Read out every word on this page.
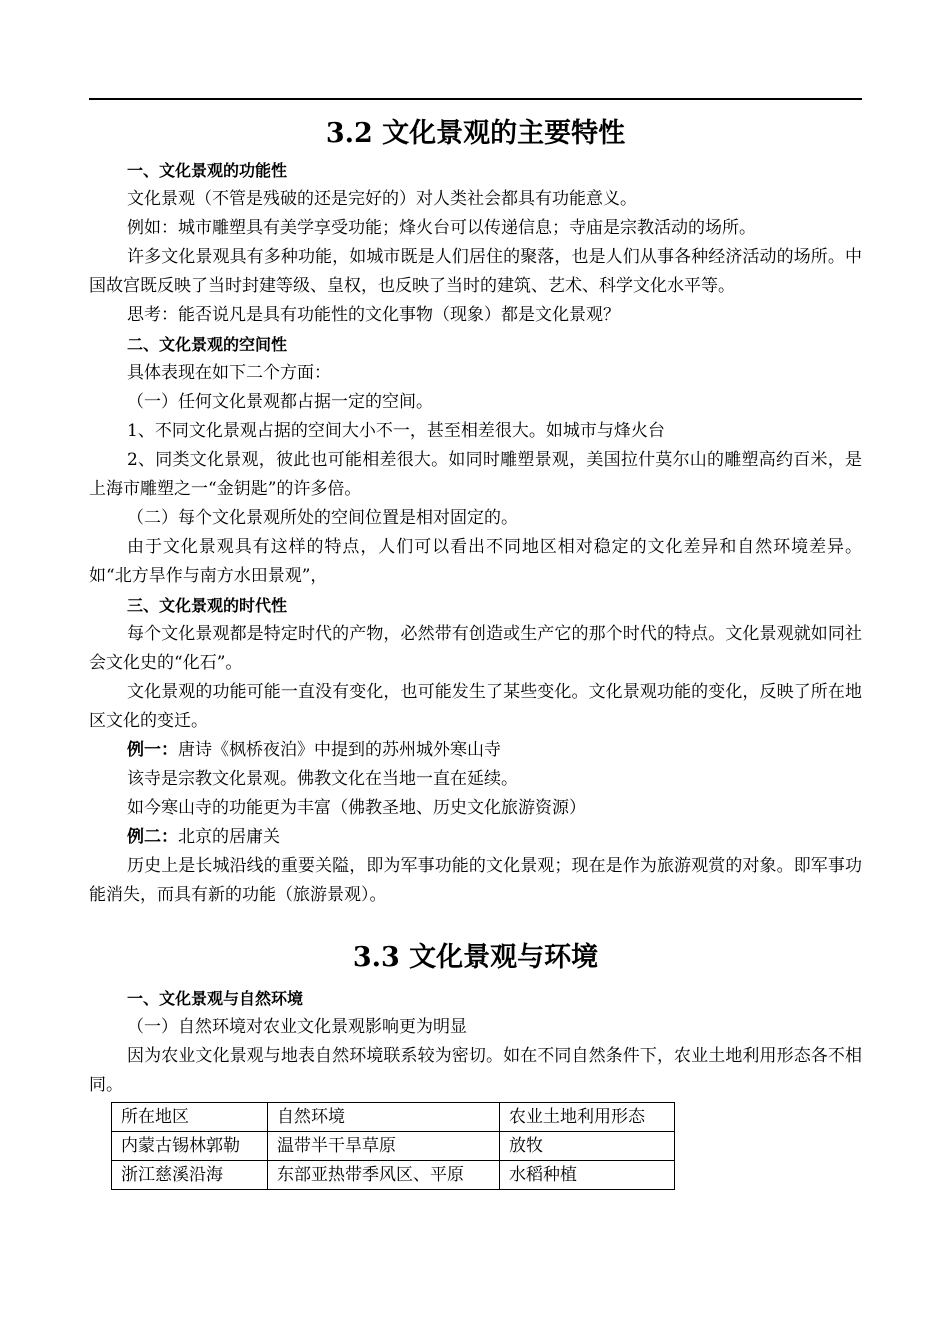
3.2 文化景观的主要特性
一、文化景观的功能性

文化景观（不管是残破的还是完好的）对人类社会都具有功能意义。

例如：城市雕塑具有美学享受功能；烽火台可以传递信息；寺庙是宗教活动的场所。

许多文化景观具有多种功能，如城市既是人们居住的聚落，也是人们从事各种经济活动的场所。中国故宫既反映了当时封建等级、皇权，也反映了当时的建筑、艺术、科学文化水平等。

思考：能否说凡是具有功能性的文化事物（现象）都是文化景观？

二、文化景观的空间性

具体表现在如下二个方面：

（一）任何文化景观都占据一定的空间。

1、不同文化景观占据的空间大小不一，甚至相差很大。如城市与烽火台

2、同类文化景观，彼此也可能相差很大。如同时雕塑景观，美国拉什莫尔山的雕塑高约百米，是上海市雕塑之一“金钥匙”的许多倍。

（二）每个文化景观所处的空间位置是相对固定的。

由于文化景观具有这样的特点，人们可以看出不同地区相对稳定的文化差异和自然环境差异。如“北方旱作与南方水田景观”，

三、文化景观的时代性

每个文化景观都是特定时代的产物，必然带有创造或生产它的那个时代的特点。文化景观就如同社会文化史的“化石”。

文化景观的功能可能一直没有变化，也可能发生了某些变化。文化景观功能的变化，反映了所在地区文化的变迁。

例一：唐诗《枫桥夜泊》中提到的苏州城外寒山寺

该寺是宗教文化景观。佛教文化在当地一直在延续。

如今寒山寺的功能更为丰富（佛教圣地、历史文化旅游资源）

例二：北京的居庸关

历史上是长城沿线的重要关隘，即为军事功能的文化景观；现在是作为旅游观赏的对象。即军事功能消失，而具有新的功能（旅游景观）。

3.3 文化景观与环境
一、文化景观与自然环境

（一）自然环境对农业文化景观影响更为明显

因为农业文化景观与地表自然环境联系较为密切。如在不同自然条件下，农业土地利用形态各不相同。

所在地区	自然环境	农业土地利用形态
内蒙古锡林郭勒	温带半干旱草原	放牧
浙江慈溪沿海	东部亚热带季风区、平原	水稻种植
